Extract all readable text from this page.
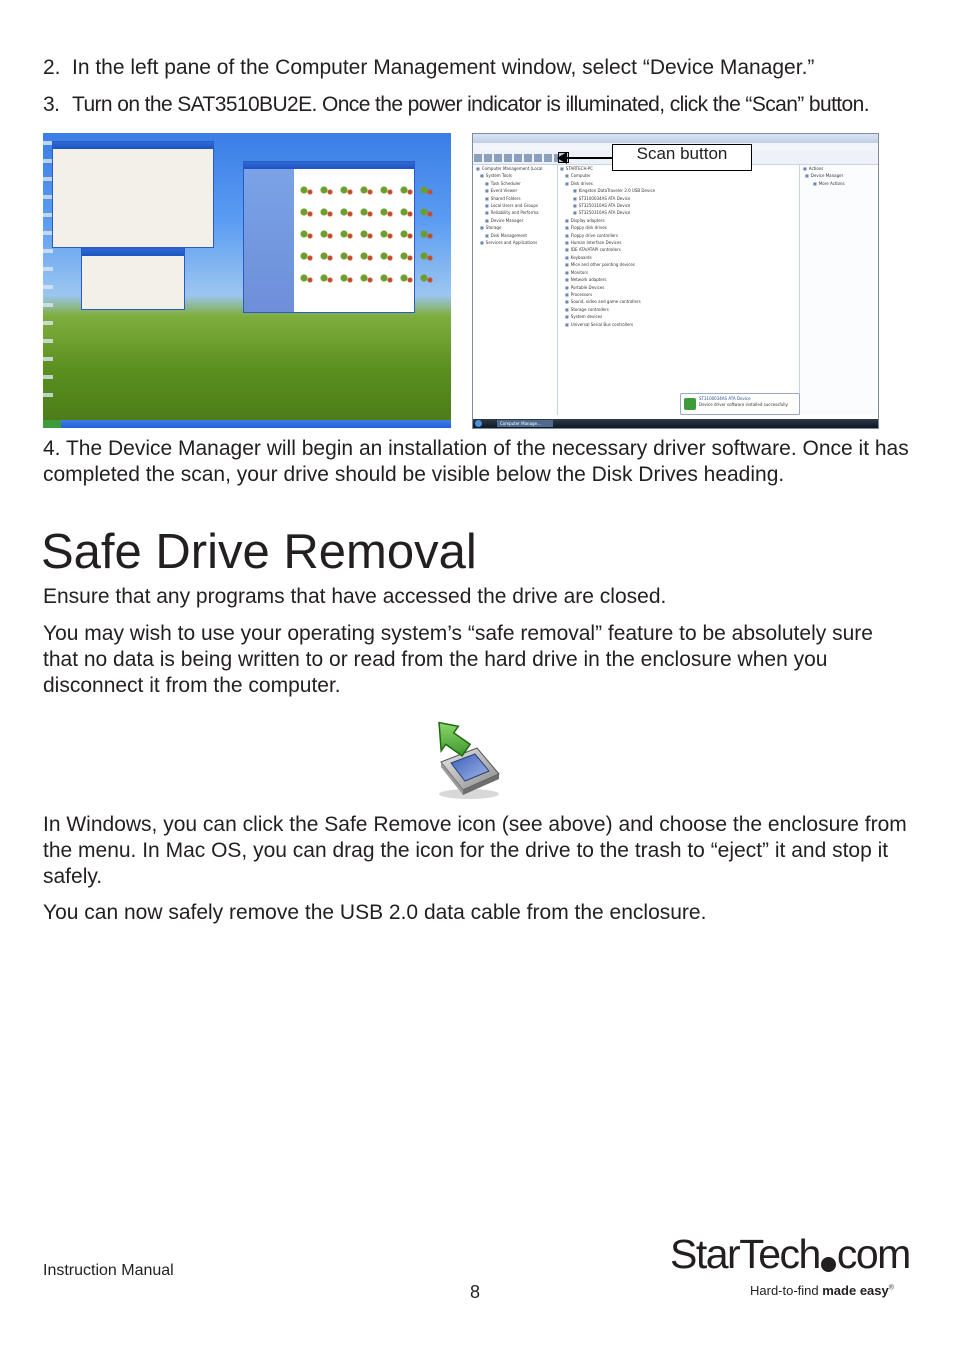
2. In the left pane of the Computer Management window, select “Device Manager.”
3. Turn on the SAT3510BU2E. Once the power indicator is illuminated, click the “Scan” button.
■ Computer Management (Local
■ System Tools
■ Task Scheduler
■ Event Viewer
■ Shared Folders
■ Local Users and Groups
■ Reliability and Performa
■ Device Manager
■ Storage
■ Disk Management
■ Services and Applications
■ STARTECH-PC
■ Computer
■ Disk drives
■ Kingston DataTraveler 2.0 USB Device
■ ST3100034AS ATA Device
■ ST3250310AS ATA Device
■ ST3250310AS ATA Device
■ Display adapters
■ Floppy disk drives
■ Floppy drive controllers
■ Human Interface Devices
■ IDE ATA/ATAPI controllers
■ Keyboards
■ Mice and other pointing devices
■ Monitors
■ Network adapters
■ Portable Devices
■ Processors
■ Sound, video and game controllers
■ Storage controllers
■ System devices
■ Universal Serial Bus controllers
■ Actions
■ Device Manager
■ More Actions
ST3100034AS ATA Device
Device driver software installed successfully.
Computer Manage...
Scan button

4. The Device Manager will begin an installation of the necessary driver software. Once it has completed the scan, your drive should be visible below the Disk Drives heading.

Safe Drive Removal

Ensure that any programs that have accessed the drive are closed.

You may wish to use your operating system’s “safe removal” feature to be absolutely sure that no data is being written to or read from the hard drive in the enclosure when you disconnect it from the computer.

In Windows, you can click the Safe Remove icon (see above) and choose the enclosure from the menu. In Mac OS, you can drag the icon for the drive to the trash to “eject” it and stop it safely.

You can now safely remove the USB 2.0 data cable from the enclosure.

Instruction Manual
8
StarTech com
Hard-to-find made easy®
